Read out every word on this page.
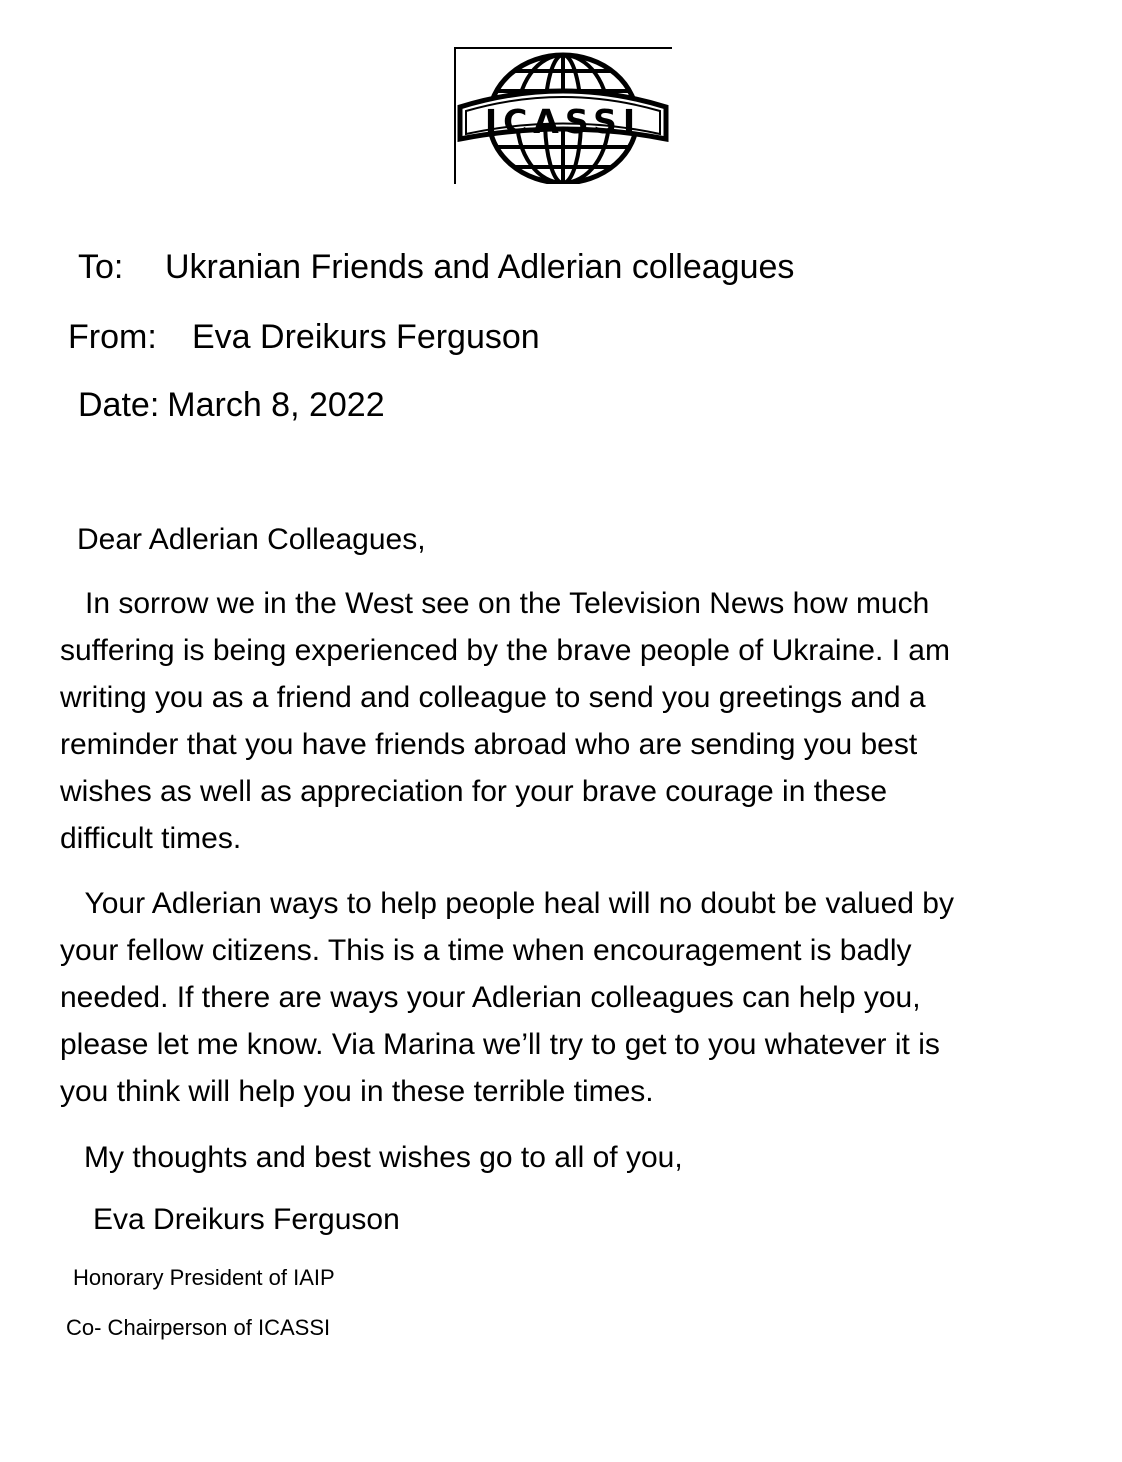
ICASSI
To: Ukranian Friends and Adlerian colleagues
From: Eva Dreikurs Ferguson
Date: March 8, 2022
Dear Adlerian Colleagues,
In sorrow we in the West see on the Television News how much
suffering is being experienced by the brave people of Ukraine. I am
writing you as a friend and colleague to send you greetings and a
reminder that you have friends abroad who are sending you best
wishes as well as appreciation for your brave courage in these
difficult times.
Your Adlerian ways to help people heal will no doubt be valued by
your fellow citizens. This is a time when encouragement is badly
needed. If there are ways your Adlerian colleagues can help you,
please let me know. Via Marina we’ll try to get to you whatever it is
you think will help you in these terrible times.
My thoughts and best wishes go to all of you,
Eva Dreikurs Ferguson
Honorary President of IAIP
Co- Chairperson of ICASSI
